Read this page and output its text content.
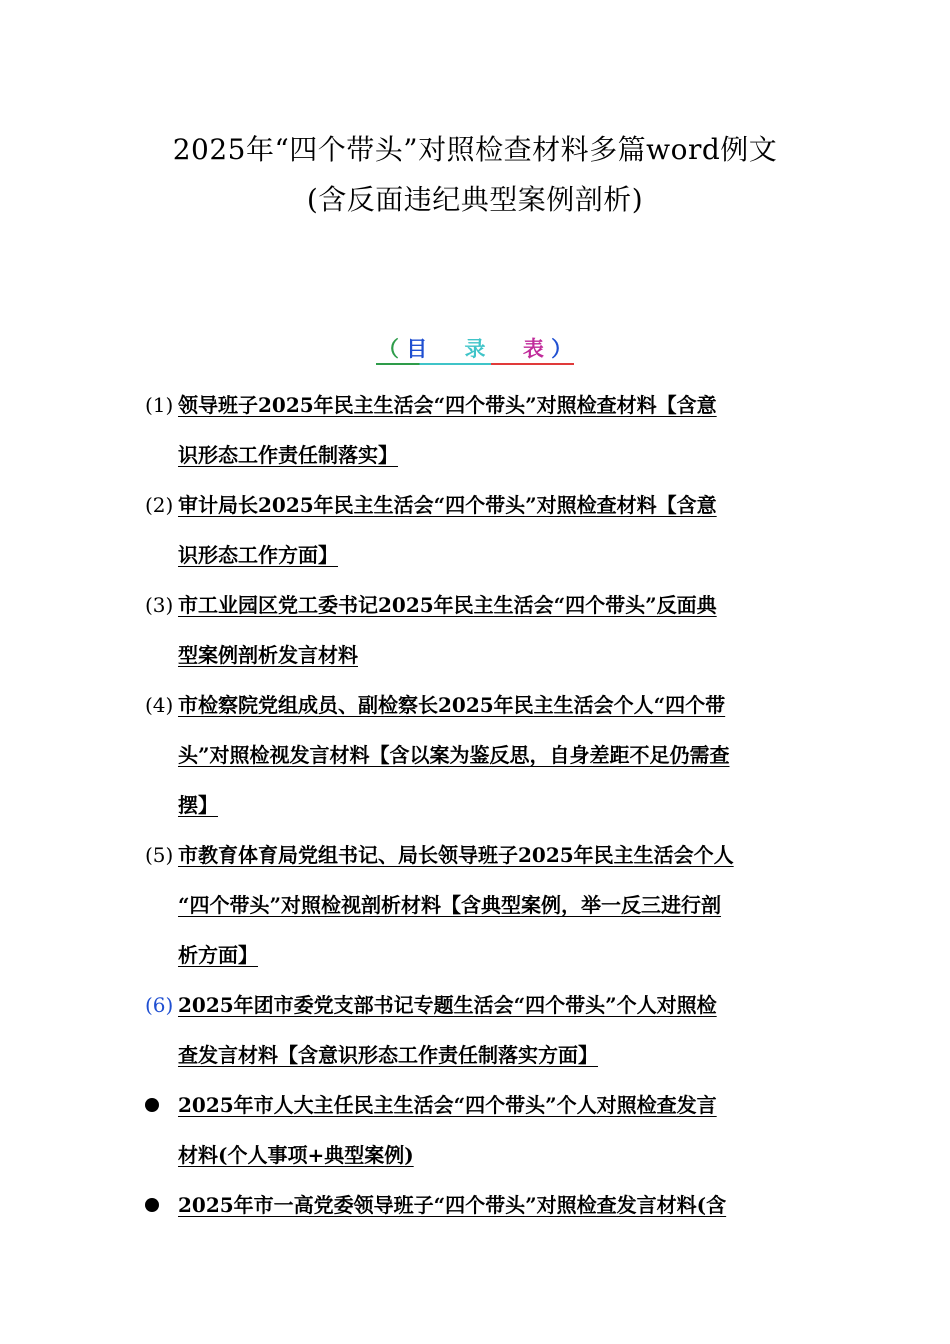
2025年“四个带头”对照检查材料多篇word例文
(含反面违纪典型案例剖析)
（ 目 录 表 ）
(1) 领导班子2025年民主生活会“四个带头”对照检查材料【含意
识形态工作责任制落实】
(2) 审计局长2025年民主生活会“四个带头”对照检查材料【含意
识形态工作方面】
(3) 市工业园区党工委书记2025年民主生活会“四个带头”反面典
型案例剖析发言材料
(4) 市检察院党组成员、副检察长2025年民主生活会个人“四个带
头”对照检视发言材料【含以案为鉴反思，自身差距不足仍需查
摆】
(5) 市教育体育局党组书记、局长领导班子2025年民主生活会个人
“四个带头”对照检视剖析材料【含典型案例，举一反三进行剖
析方面】
(6) 2025年团市委党支部书记专题生活会“四个带头”个人对照检
查发言材料【含意识形态工作责任制落实方面】
2025年市人大主任民主生活会“四个带头”个人对照检查发言
材料(个人事项+典型案例)
2025年市一高党委领导班子“四个带头”对照检查发言材料(含
